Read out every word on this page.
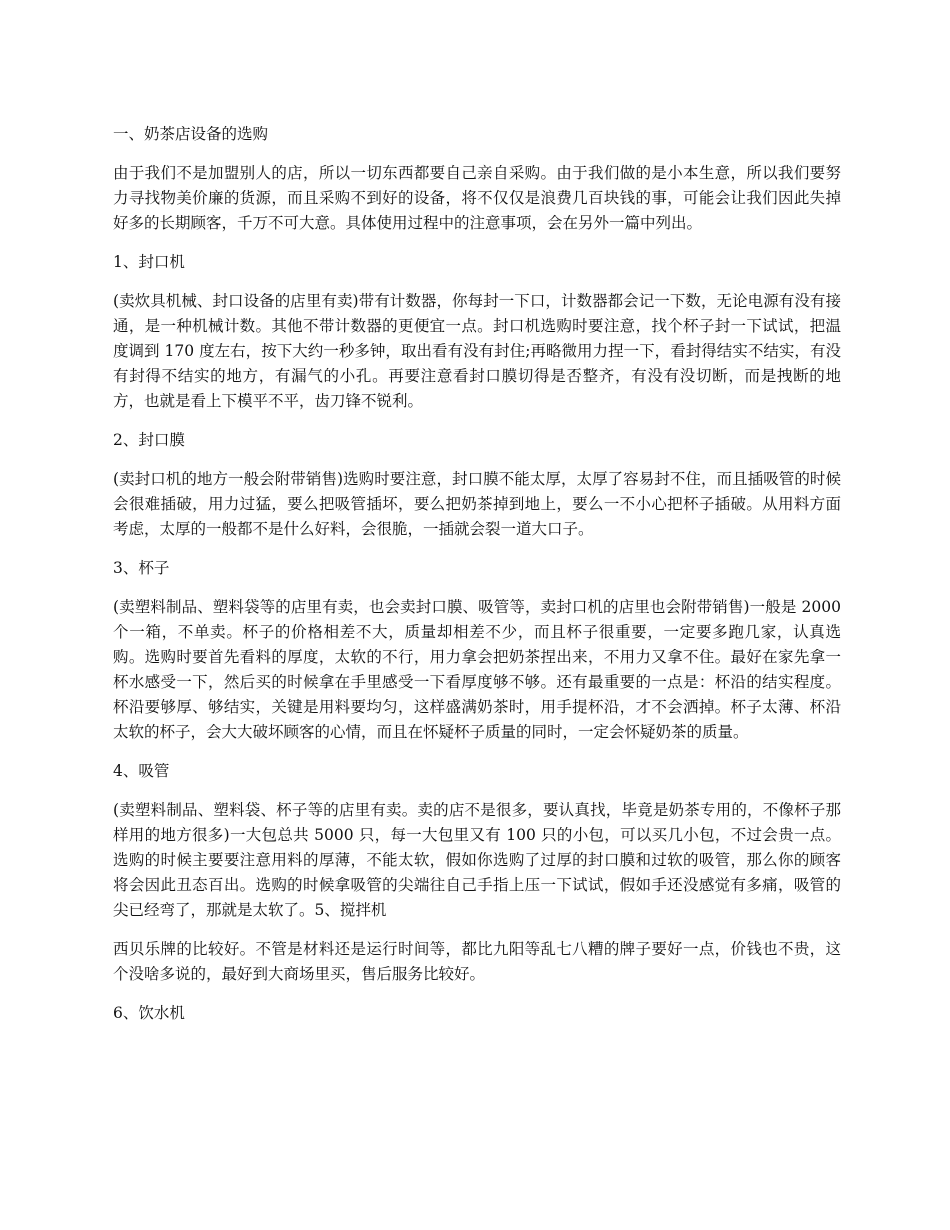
一、奶茶店设备的选购

由于我们不是加盟别人的店，所以一切东西都要自己亲自采购。由于我们做的是小本生意，所以我们要努力寻找物美价廉的货源，而且采购不到好的设备，将不仅仅是浪费几百块钱的事，可能会让我们因此失掉好多的长期顾客，千万不可大意。具体使用过程中的注意事项，会在另外一篇中列出。

1、封口机

(卖炊具机械、封口设备的店里有卖)带有计数器，你每封一下口，计数器都会记一下数，无论电源有没有接通，是一种机械计数。其他不带计数器的更便宜一点。封口机选购时要注意，找个杯子封一下试试，把温度调到 170 度左右，按下大约一秒多钟，取出看有没有封住;再略微用力捏一下，看封得结实不结实，有没有封得不结实的地方，有漏气的小孔。再要注意看封口膜切得是否整齐，有没有没切断，而是拽断的地方，也就是看上下模平不平，齿刀锋不锐利。

2、封口膜

(卖封口机的地方一般会附带销售)选购时要注意，封口膜不能太厚，太厚了容易封不住，而且插吸管的时候会很难插破，用力过猛，要么把吸管插坏，要么把奶茶掉到地上，要么一不小心把杯子插破。从用料方面考虑，太厚的一般都不是什么好料，会很脆，一插就会裂一道大口子。

3、杯子

(卖塑料制品、塑料袋等的店里有卖，也会卖封口膜、吸管等，卖封口机的店里也会附带销售)一般是 2000 个一箱，不单卖。杯子的价格相差不大，质量却相差不少，而且杯子很重要，一定要多跑几家，认真选购。选购时要首先看料的厚度，太软的不行，用力拿会把奶茶捏出来，不用力又拿不住。最好在家先拿一杯水感受一下，然后买的时候拿在手里感受一下看厚度够不够。还有最重要的一点是：杯沿的结实程度。杯沿要够厚、够结实，关键是用料要均匀，这样盛满奶茶时，用手提杯沿，才不会洒掉。杯子太薄、杯沿太软的杯子，会大大破坏顾客的心情，而且在怀疑杯子质量的同时，一定会怀疑奶茶的质量。

4、吸管

(卖塑料制品、塑料袋、杯子等的店里有卖。卖的店不是很多，要认真找，毕竟是奶茶专用的，不像杯子那样用的地方很多)一大包总共 5000 只，每一大包里又有 100 只的小包，可以买几小包，不过会贵一点。选购的时候主要要注意用料的厚薄，不能太软，假如你选购了过厚的封口膜和过软的吸管，那么你的顾客将会因此丑态百出。选购的时候拿吸管的尖端往自己手指上压一下试试，假如手还没感觉有多痛，吸管的尖已经弯了，那就是太软了。5、搅拌机

西贝乐牌的比较好。不管是材料还是运行时间等，都比九阳等乱七八糟的牌子要好一点，价钱也不贵，这个没啥多说的，最好到大商场里买，售后服务比较好。

6、饮水机
